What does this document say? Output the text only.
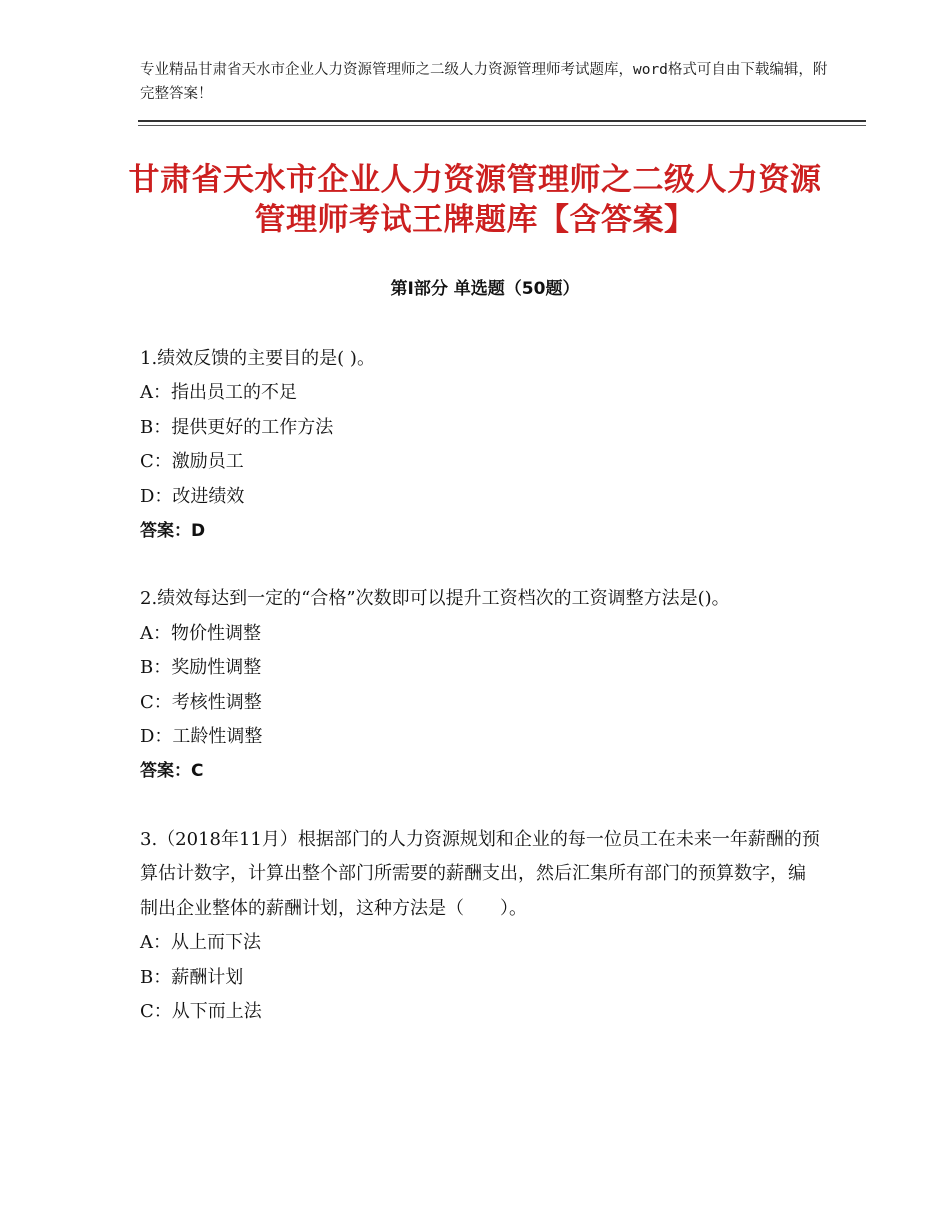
专业精品甘肃省天水市企业人力资源管理师之二级人力资源管理师考试题库，word格式可自由下载编辑，附完整答案！
甘肃省天水市企业人力资源管理师之二级人力资源管理师考试王牌题库【含答案】
第Ⅰ部分 单选题（50题）

1.绩效反馈的主要目的是( )。

A：指出员工的不足

B：提供更好的工作方法

C：激励员工

D：改进绩效

答案：D

2.绩效每达到一定的“合格”次数即可以提升工资档次的工资调整方法是()。

A：物价性调整

B：奖励性调整

C：考核性调整

D：工龄性调整

答案：C

3.（2018年11月）根据部门的人力资源规划和企业的每一位员工在未来一年薪酬的预算估计数字，计算出整个部门所需要的薪酬支出，然后汇集所有部门的预算数字，编制出企业整体的薪酬计划，这种方法是（　　）。

A：从上而下法

B：薪酬计划

C：从下而上法
